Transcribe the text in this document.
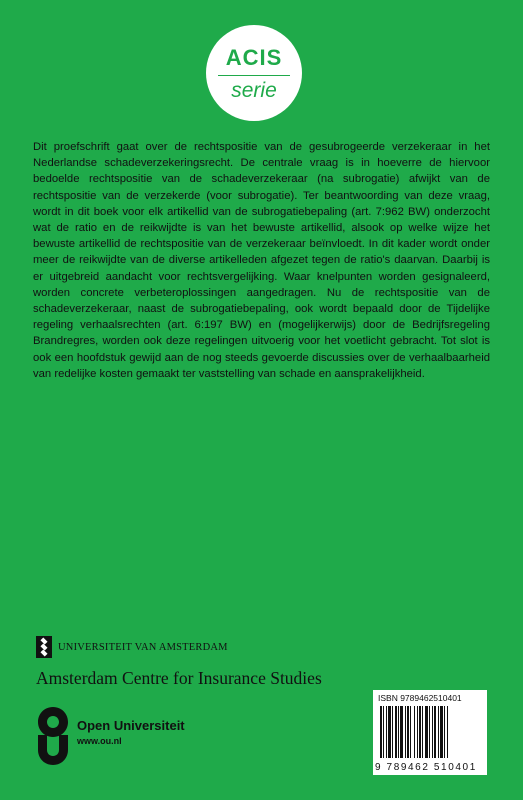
ACIS
serie

Dit proefschrift gaat over de rechtspositie van de gesubrogeerde verzekeraar in het Nederlandse schadeverzekeringsrecht. De centrale vraag is in hoeverre de hiervoor bedoelde rechtspositie van de schadeverzekeraar (na subrogatie) afwijkt van de rechtspositie van de verzekerde (voor subrogatie). Ter beantwoording van deze vraag, wordt in dit boek voor elk artikellid van de subrogatiebepaling (art. 7:962 BW) onderzocht wat de ratio en de reikwijdte is van het bewuste artikellid, alsook op welke wijze het bewuste artikellid de rechtspositie van de verzekeraar beïnvloedt. In dit kader wordt onder meer de reikwijdte van de diverse artikelleden afgezet tegen de ratio's daarvan. Daarbij is er uitgebreid aandacht voor rechtsvergelijking. Waar knelpunten worden gesignaleerd, worden concrete verbeteroplossingen aangedragen. Nu de rechtspositie van de schadeverzekeraar, naast de subrogatiebepaling, ook wordt bepaald door de Tijdelijke regeling verhaalsrechten (art. 6:197 BW) en (mogelijkerwijs) door de Bedrijfsregeling Brandregres, worden ook deze regelingen uitvoerig voor het voetlicht gebracht. Tot slot is ook een hoofdstuk gewijd aan de nog steeds gevoerde discussies over de verhaalbaarheid van redelijke kosten gemaakt ter vaststelling van schade en aansprakelijkheid.

UNIVERSITEIT VAN AMSTERDAM
Amsterdam Centre for Insurance Studies
Open Universiteit
www.ou.nl
ISBN 9789462510401
9 789462 510401
